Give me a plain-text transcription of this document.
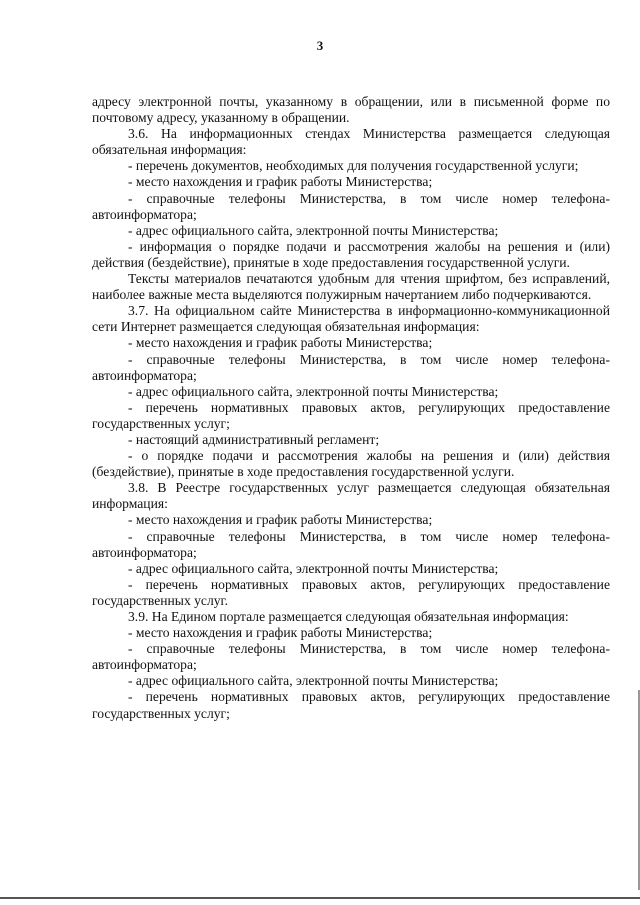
3

адресу электронной почты, указанному в обращении, или в письменной форме по почтовому адресу, указанному в обращении.

3.6. На информационных стендах Министерства размещается следующая обязательная информация:

- перечень документов, необходимых для получения государственной услуги;

- место нахождения и график работы Министерства;

- справочные телефоны Министерства, в том числе номер телефона-автоинформатора;

- адрес официального сайта, электронной почты Министерства;

- информация о порядке подачи и рассмотрения жалобы на решения и (или) действия (бездействие), принятые в ходе предоставления государственной услуги.

Тексты материалов печатаются удобным для чтения шрифтом, без исправлений, наиболее важные места выделяются полужирным начертанием либо подчеркиваются.

3.7. На официальном сайте Министерства в информационно-коммуникационной сети Интернет размещается следующая обязательная информация:

- место нахождения и график работы Министерства;

- справочные телефоны Министерства, в том числе номер телефона-автоинформатора;

- адрес официального сайта, электронной почты Министерства;

- перечень нормативных правовых актов, регулирующих предоставление государственных услуг;

- настоящий административный регламент;

- о порядке подачи и рассмотрения жалобы на решения и (или) действия (бездействие), принятые в ходе предоставления государственной услуги.

3.8. В Реестре государственных услуг размещается следующая обязательная информация:

- место нахождения и график работы Министерства;

- справочные телефоны Министерства, в том числе номер телефона-автоинформатора;

- адрес официального сайта, электронной почты Министерства;

- перечень нормативных правовых актов, регулирующих предоставление государственных услуг.

3.9. На Едином портале размещается следующая обязательная информация:

- место нахождения и график работы Министерства;

- справочные телефоны Министерства, в том числе номер телефона-автоинформатора;

- адрес официального сайта, электронной почты Министерства;

- перечень нормативных правовых актов, регулирующих предоставление государственных услуг;
